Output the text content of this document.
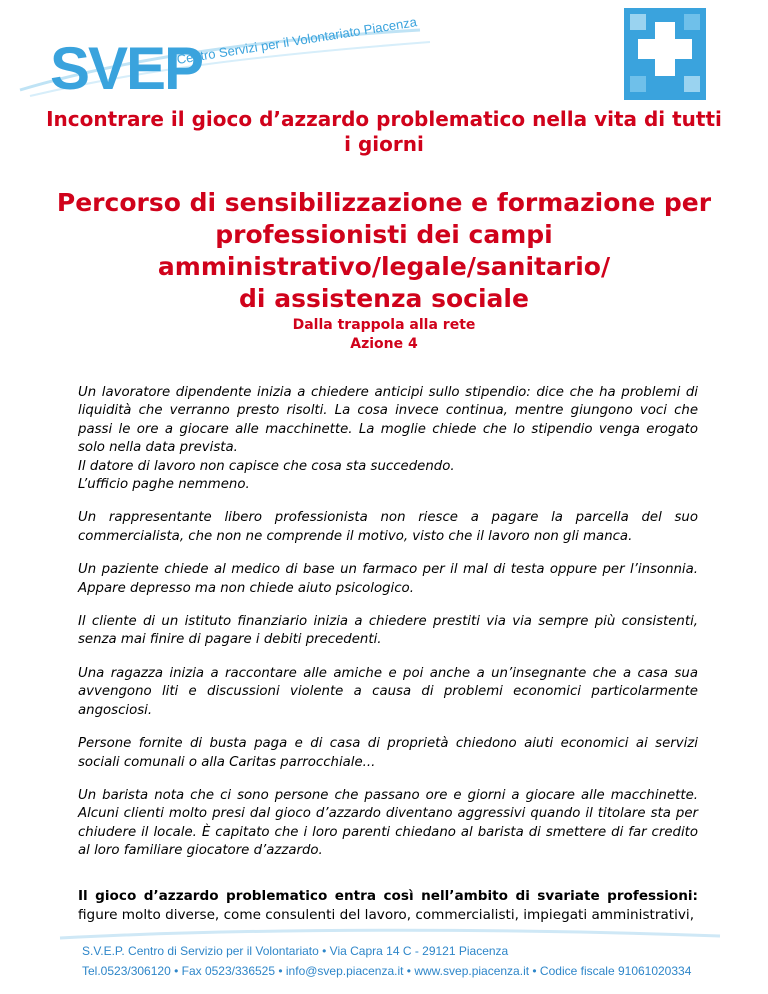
SVEP
Centro Servizi per il Volontariato Piacenza
Incontrare il gioco d’azzardo problematico nella vita di tutti i giorni
Percorso di sensibilizzazione e formazione per
professionisti dei campi
amministrativo/legale/sanitario/
di assistenza sociale
Dalla trappola alla rete
Azione 4

Un lavoratore dipendente inizia a chiedere anticipi sullo stipendio: dice che ha problemi di liquidità che verranno presto risolti. La cosa invece continua, mentre giungono voci che passi le ore a giocare alle macchinette. La moglie chiede che lo stipendio venga erogato solo nella data prevista.
Il datore di lavoro non capisce che cosa sta succedendo.
L’ufficio paghe nemmeno.

Un rappresentante libero professionista non riesce a pagare la parcella del suo commercialista, che non ne comprende il motivo, visto che il lavoro non gli manca.

Un paziente chiede al medico di base un farmaco per il mal di testa oppure per l’insonnia. Appare depresso ma non chiede aiuto psicologico.

Il cliente di un istituto finanziario inizia a chiedere prestiti via via sempre più consistenti, senza mai finire di pagare i debiti precedenti.

Una ragazza inizia a raccontare alle amiche e poi anche a un’insegnante che a casa sua avvengono liti e discussioni violente a causa di problemi economici particolarmente angosciosi.

Persone fornite di busta paga e di casa di proprietà chiedono aiuti economici ai servizi sociali comunali o alla Caritas parrocchiale...

Un barista nota che ci sono persone che passano ore e giorni a giocare alle macchinette. Alcuni clienti molto presi dal gioco d’azzardo diventano aggressivi quando il titolare sta per chiudere il locale. È capitato che i loro parenti chiedano al barista di smettere di far credito al loro familiare giocatore d’azzardo.

Il gioco d’azzardo problematico entra così nell’ambito di svariate professioni: figure molto diverse, come consulenti del lavoro, commercialisti, impiegati amministrativi,

S.V.E.P. Centro di Servizio per il Volontariato • Via Capra 14 C - 29121 Piacenza
Tel.0523/306120 • Fax 0523/336525 • info@svep.piacenza.it • www.svep.piacenza.it • Codice fiscale 91061020334
